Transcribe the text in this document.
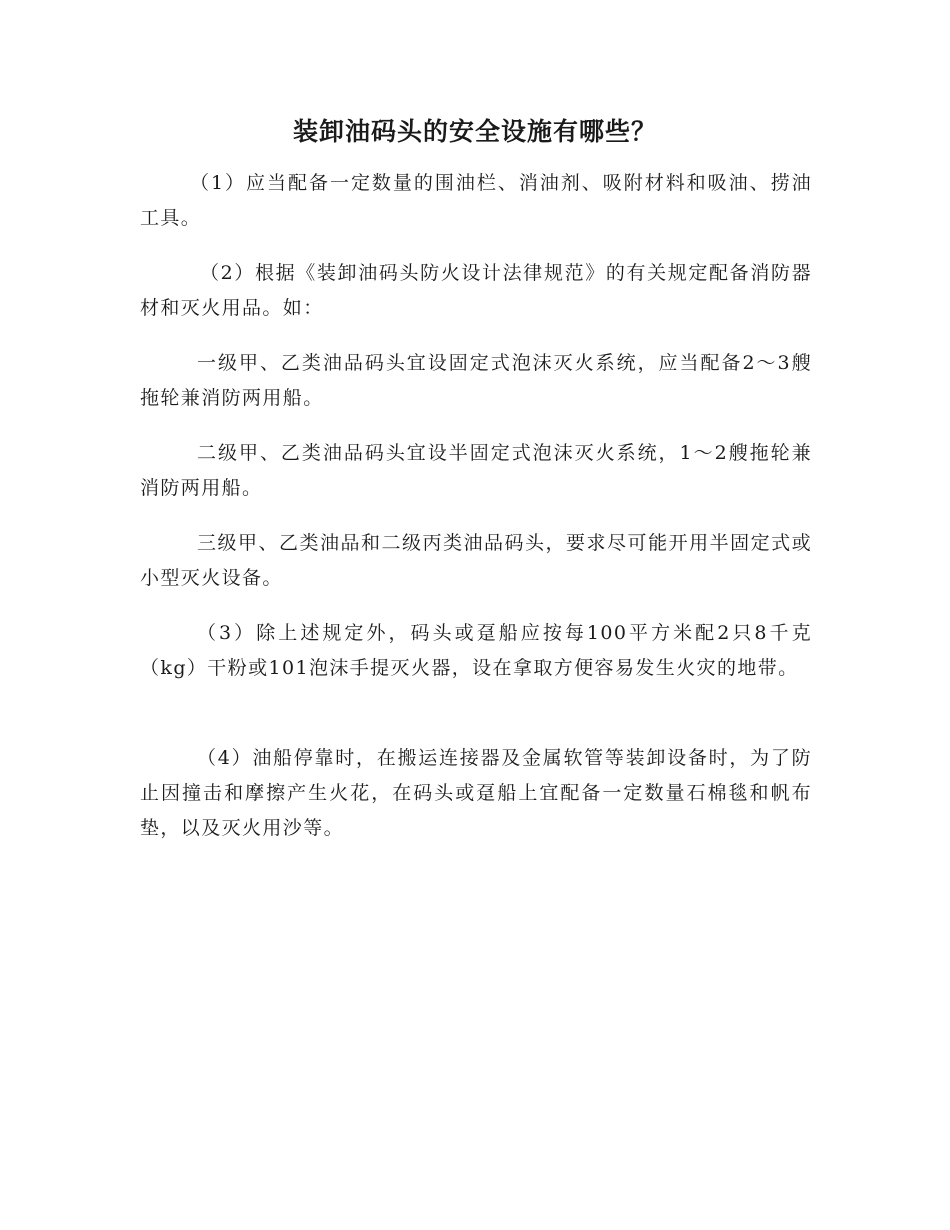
装卸油码头的安全设施有哪些？

（1）应当配备一定数量的围油栏、消油剂、吸附材料和吸油、捞油工具。

（2）根据《装卸油码头防火设计法律规范》的有关规定配备消防器材和灭火用品。如：

一级甲、乙类油品码头宜设固定式泡沫灭火系统，应当配备2～3艘拖轮兼消防两用船。

二级甲、乙类油品码头宜设半固定式泡沫灭火系统，1～2艘拖轮兼消防两用船。

三级甲、乙类油品和二级丙类油品码头，要求尽可能开用半固定式或小型灭火设备。

（3）除上述规定外，码头或趸船应按每100平方米配2只8千克（kg）干粉或101泡沫手提灭火器，设在拿取方便容易发生火灾的地带。

（4）油船停靠时，在搬运连接器及金属软管等装卸设备时，为了防止因撞击和摩擦产生火花，在码头或趸船上宜配备一定数量石棉毯和帆布垫，以及灭火用沙等。
